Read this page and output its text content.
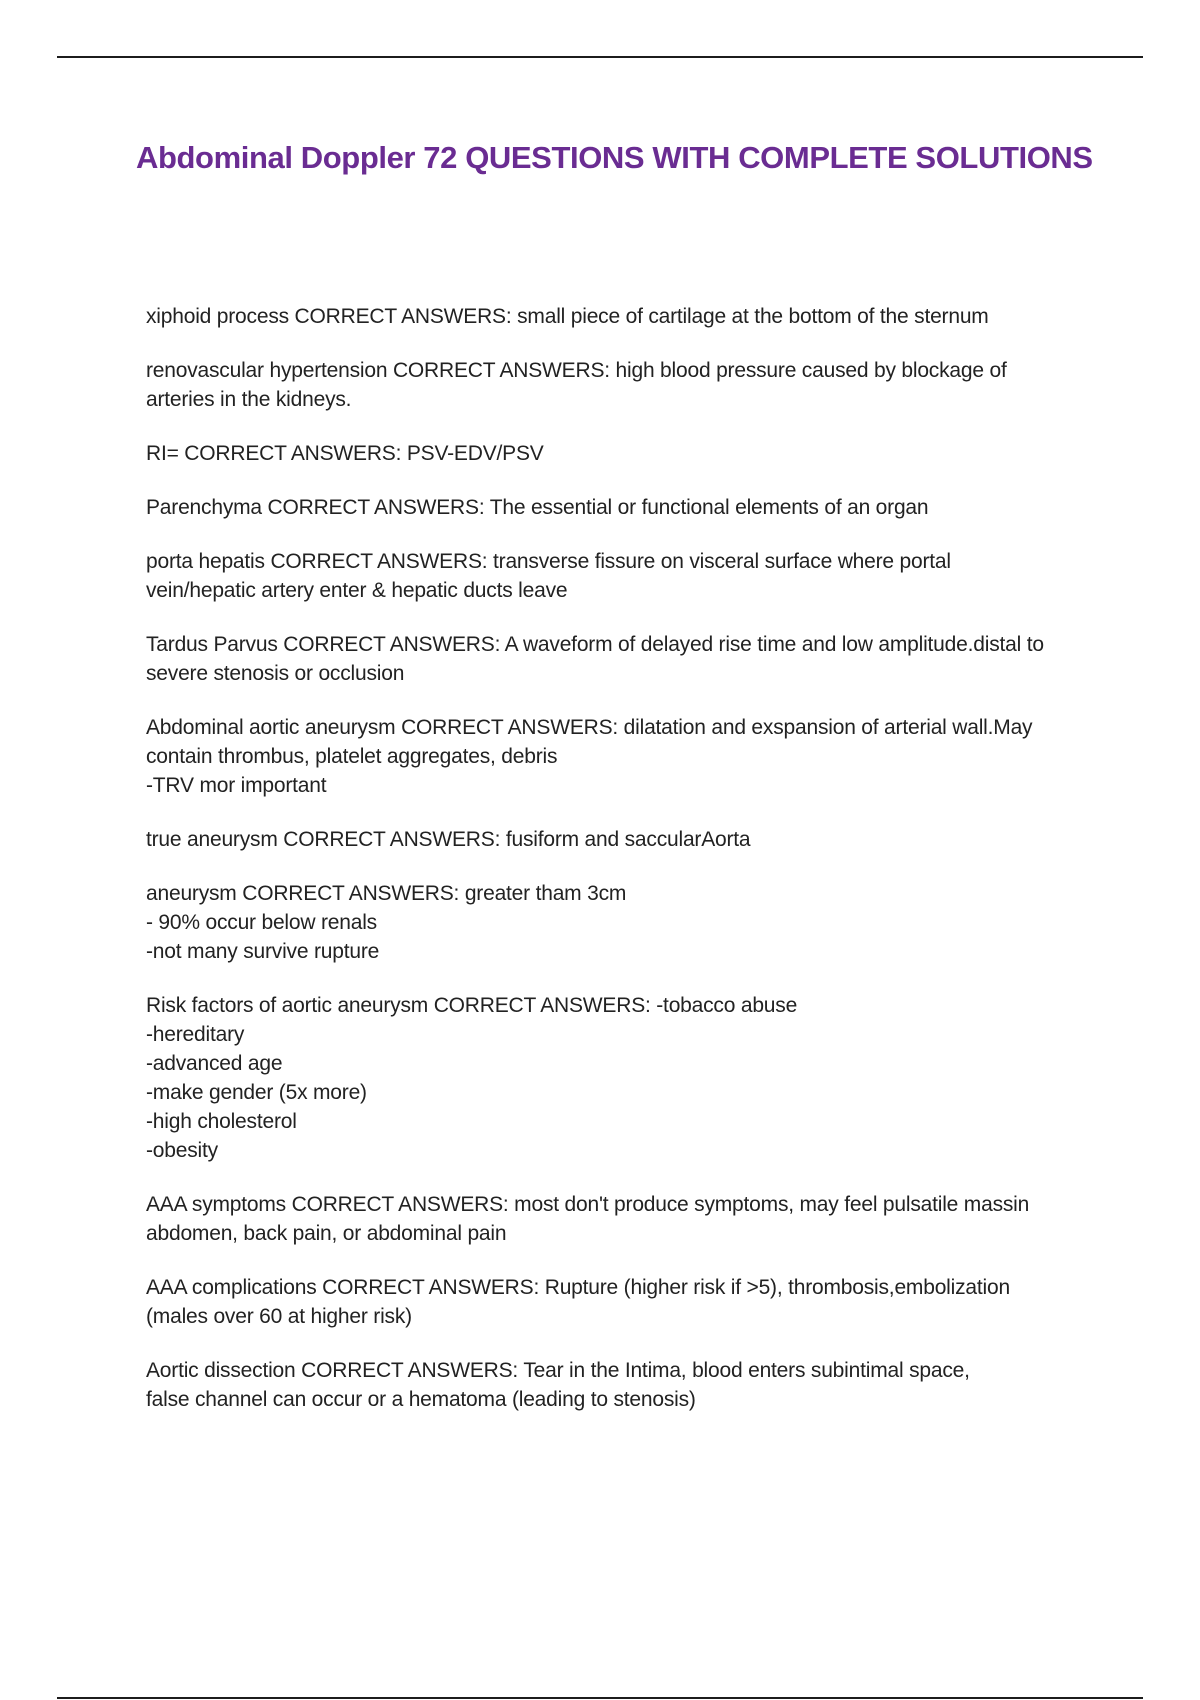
Abdominal Doppler 72 QUESTIONS WITH COMPLETE SOLUTIONS
xiphoid process CORRECT ANSWERS: small piece of cartilage at the bottom of the sternum
renovascular hypertension CORRECT ANSWERS: high blood pressure caused by blockage of
arteries in the kidneys.
RI= CORRECT ANSWERS: PSV-EDV/PSV
Parenchyma CORRECT ANSWERS: The essential or functional elements of an organ
porta hepatis CORRECT ANSWERS: transverse fissure on visceral surface where portal
vein/hepatic artery enter & hepatic ducts leave
Tardus Parvus CORRECT ANSWERS: A waveform of delayed rise time and low amplitude.distal to
severe stenosis or occlusion
Abdominal aortic aneurysm CORRECT ANSWERS: dilatation and exspansion of arterial wall.May
contain thrombus, platelet aggregates, debris
-TRV mor important
true aneurysm CORRECT ANSWERS: fusiform and saccularAorta
aneurysm CORRECT ANSWERS: greater tham 3cm
- 90% occur below renals
-not many survive rupture
Risk factors of aortic aneurysm CORRECT ANSWERS: -tobacco abuse
-hereditary
-advanced age
-make gender (5x more)
-high cholesterol
-obesity
AAA symptoms CORRECT ANSWERS: most don't produce symptoms, may feel pulsatile massin
abdomen, back pain, or abdominal pain
AAA complications CORRECT ANSWERS: Rupture (higher risk if >5), thrombosis,embolization
(males over 60 at higher risk)
Aortic dissection CORRECT ANSWERS: Tear in the Intima, blood enters subintimal space,
false channel can occur or a hematoma (leading to stenosis)
